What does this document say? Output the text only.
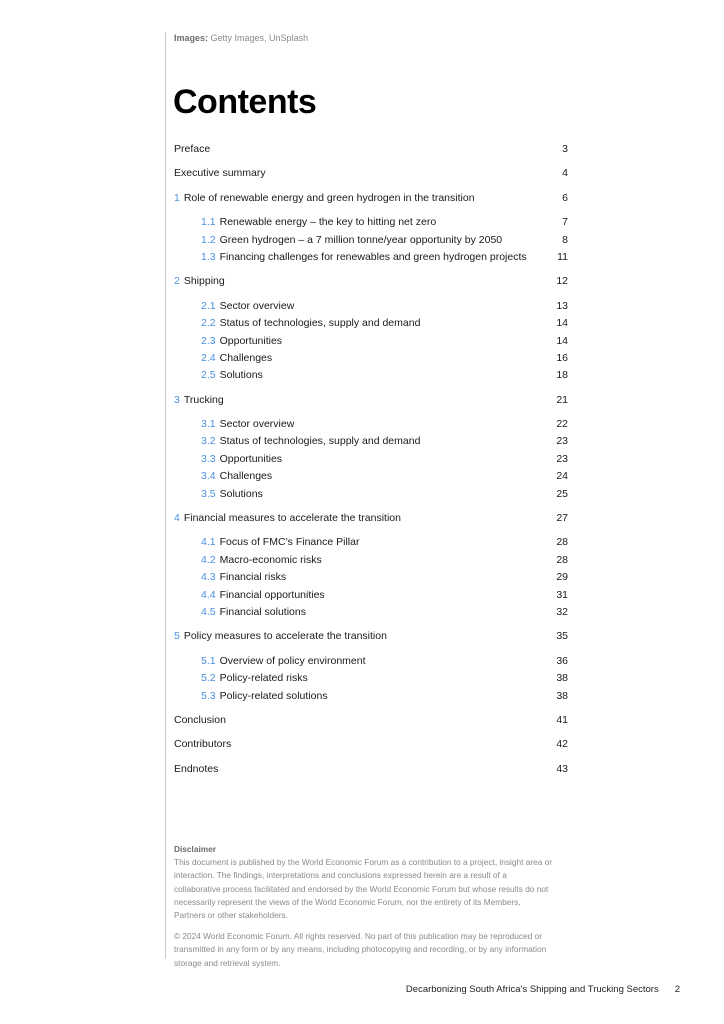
Images: Getty Images, UnSplash
Contents
Preface	3
Executive summary	4
1 Role of renewable energy and green hydrogen in the transition	6
1.1 Renewable energy – the key to hitting net zero	7
1.2 Green hydrogen – a 7 million tonne/year opportunity by 2050	8
1.3 Financing challenges for renewables and green hydrogen projects	11
2 Shipping	12
2.1 Sector overview	13
2.2 Status of technologies, supply and demand	14
2.3 Opportunities	14
2.4 Challenges	16
2.5 Solutions	18
3 Trucking	21
3.1 Sector overview	22
3.2 Status of technologies, supply and demand	23
3.3 Opportunities	23
3.4 Challenges	24
3.5 Solutions	25
4 Financial measures to accelerate the transition	27
4.1 Focus of FMC’s Finance Pillar	28
4.2 Macro-economic risks	28
4.3 Financial risks	29
4.4 Financial opportunities	31
4.5 Financial solutions	32
5 Policy measures to accelerate the transition	35
5.1 Overview of policy environment	36
5.2 Policy-related risks	38
5.3 Policy-related solutions	38
Conclusion	41
Contributors	42
Endnotes	43
Disclaimer

This document is published by the World Economic Forum as a contribution to a project, insight area or interaction. The findings, interpretations and conclusions expressed herein are a result of a collaborative process facilitated and endorsed by the World Economic Forum but whose results do not necessarily represent the views of the World Economic Forum, nor the entirety of its Members, Partners or other stakeholders.

© 2024 World Economic Forum. All rights reserved. No part of this publication may be reproduced or transmitted in any form or by any means, including photocopying and recording, or by any information storage and retrieval system.

Decarbonizing South Africa’s Shipping and Trucking Sectors 2
